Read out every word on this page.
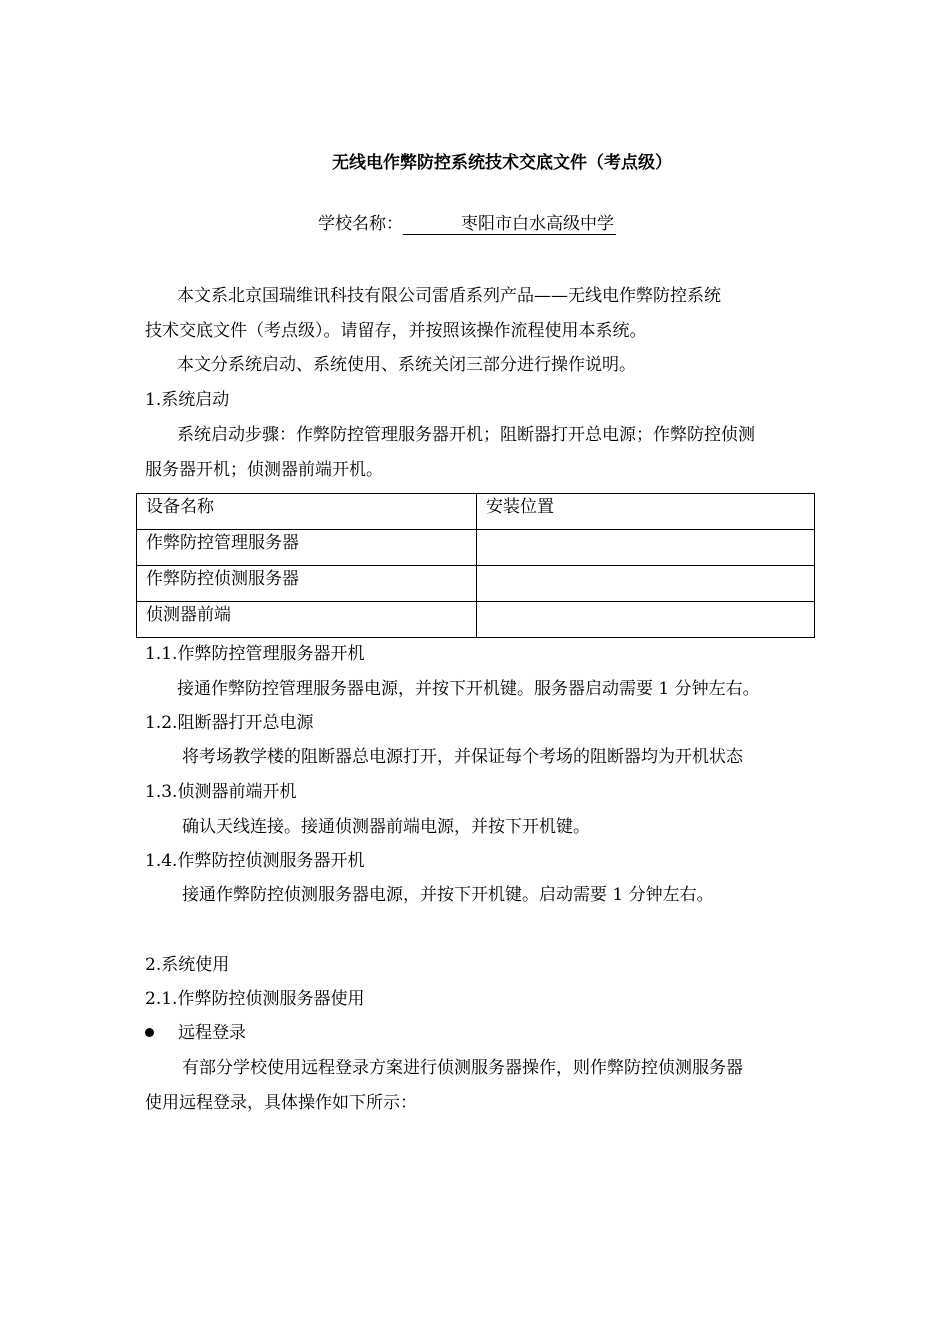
无线电作弊防控系统技术交底文件（考点级）
学校名称：	枣阳市白水高级中学
本文系北京国瑞维讯科技有限公司雷盾系列产品——无线电作弊防控系统
技术交底文件（考点级）。请留存，并按照该操作流程使用本系统。
本文分系统启动、系统使用、系统关闭三部分进行操作说明。
1.系统启动
系统启动步骤：作弊防控管理服务器开机；阻断器打开总电源；作弊防控侦测
服务器开机；侦测器前端开机。
设备名称	安装位置
作弊防控管理服务器	
作弊防控侦测服务器	
侦测器前端	
1.1.作弊防控管理服务器开机
接通作弊防控管理服务器电源，并按下开机键。服务器启动需要 1 分钟左右。
1.2.阻断器打开总电源
将考场教学楼的阻断器总电源打开，并保证每个考场的阻断器均为开机状态
1.3.侦测器前端开机
确认天线连接。接通侦测器前端电源，并按下开机键。
1.4.作弊防控侦测服务器开机
接通作弊防控侦测服务器电源，并按下开机键。启动需要 1 分钟左右。
2.系统使用
2.1.作弊防控侦测服务器使用
远程登录
有部分学校使用远程登录方案进行侦测服务器操作，则作弊防控侦测服务器
使用远程登录，具体操作如下所示：
